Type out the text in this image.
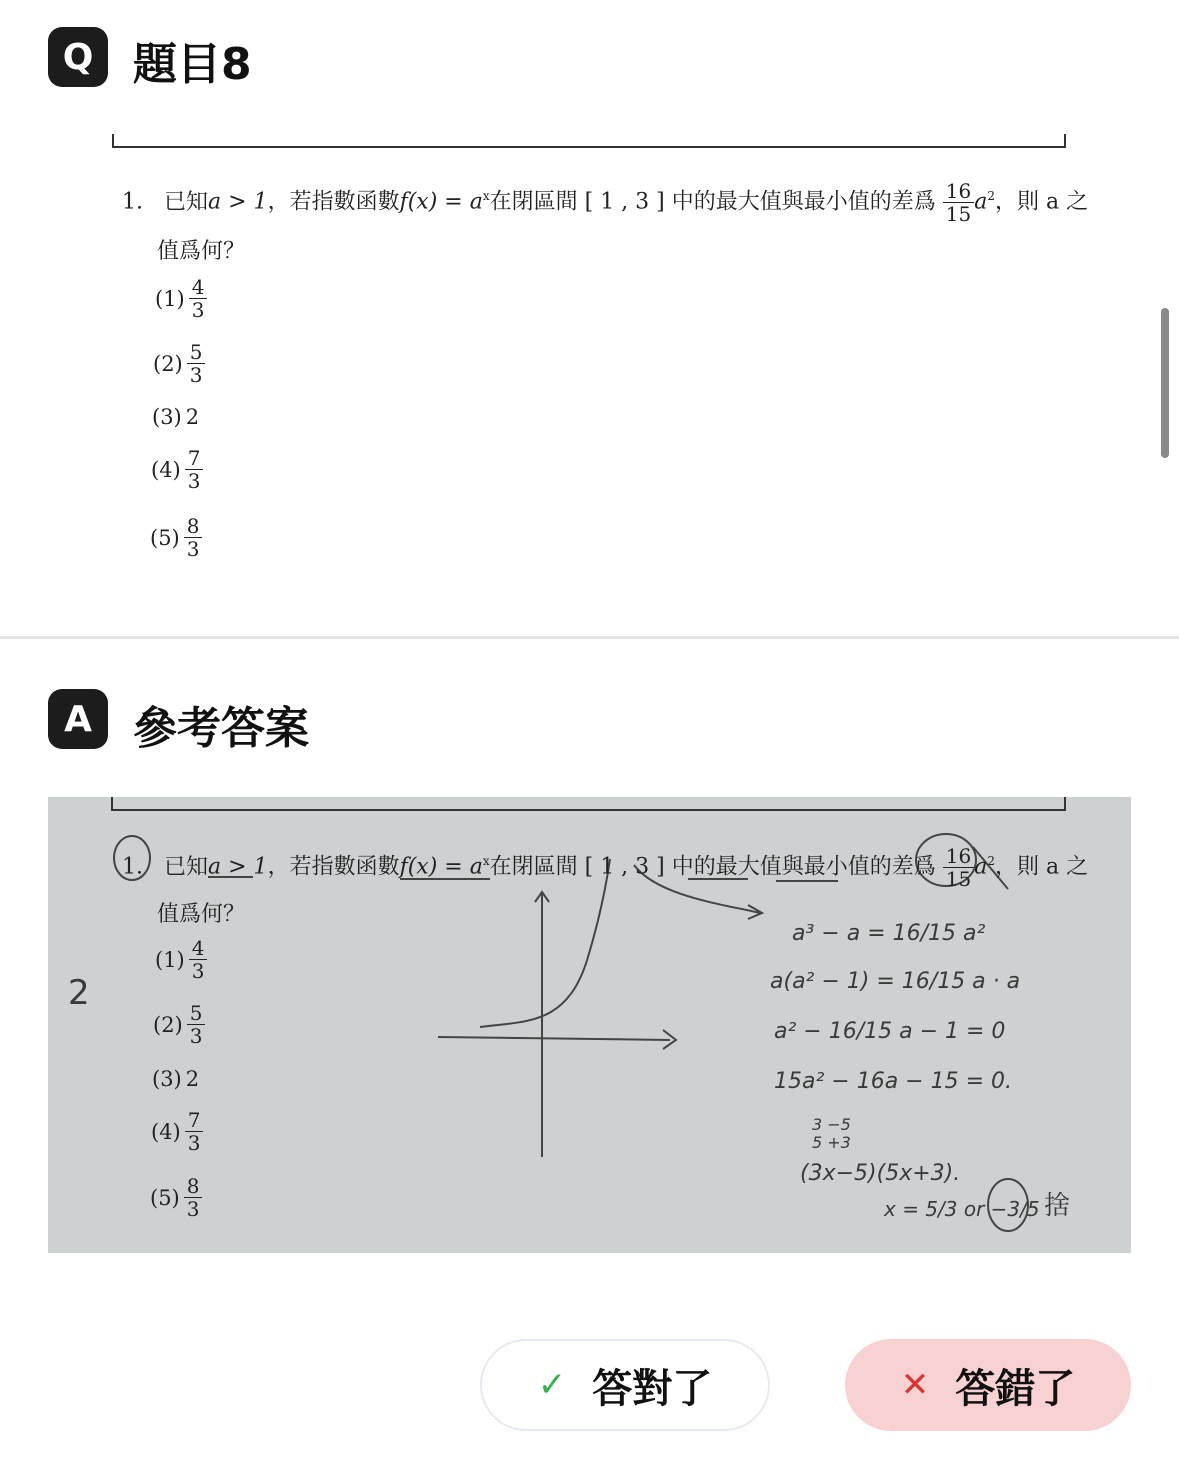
Q 題目8
1. 已知a > 1，若指數函數$f(x) = a^x$在閉區間 [ 1 , 3 ] 中的最大值與最小值的差爲 $\frac{16}{15} a^2$，則 a 之
值爲何？
$(1) \frac{4}{3}$
$(2) \frac{5}{3}$
(3) 2
$(4) \frac{7}{3}$
$(5) \frac{8}{3}$
A 參考答案
2
1. 已知a > 1，若指數函數$f(x) = a^x$在閉區間 [ 1 , 3 ] 中的最大值與最小值的差爲 $\frac{16}{15} a^2$，則 a 之
值爲何？
$(1) \frac{4}{3}$
$(2) \frac{5}{3}$
(3) 2
$(4) \frac{7}{3}$
$(5) \frac{8}{3}$
a³ − a = 16/15 a²
a(a² − 1) = 16/15 a · a
a² − 16/15 a − 1 = 0
15a² − 16a − 15 = 0.
3 −5
5 +3
(3x−5)(5x+3).
x = 5/3 or −3/5 捨
✓ 答對了	✕ 答錯了
